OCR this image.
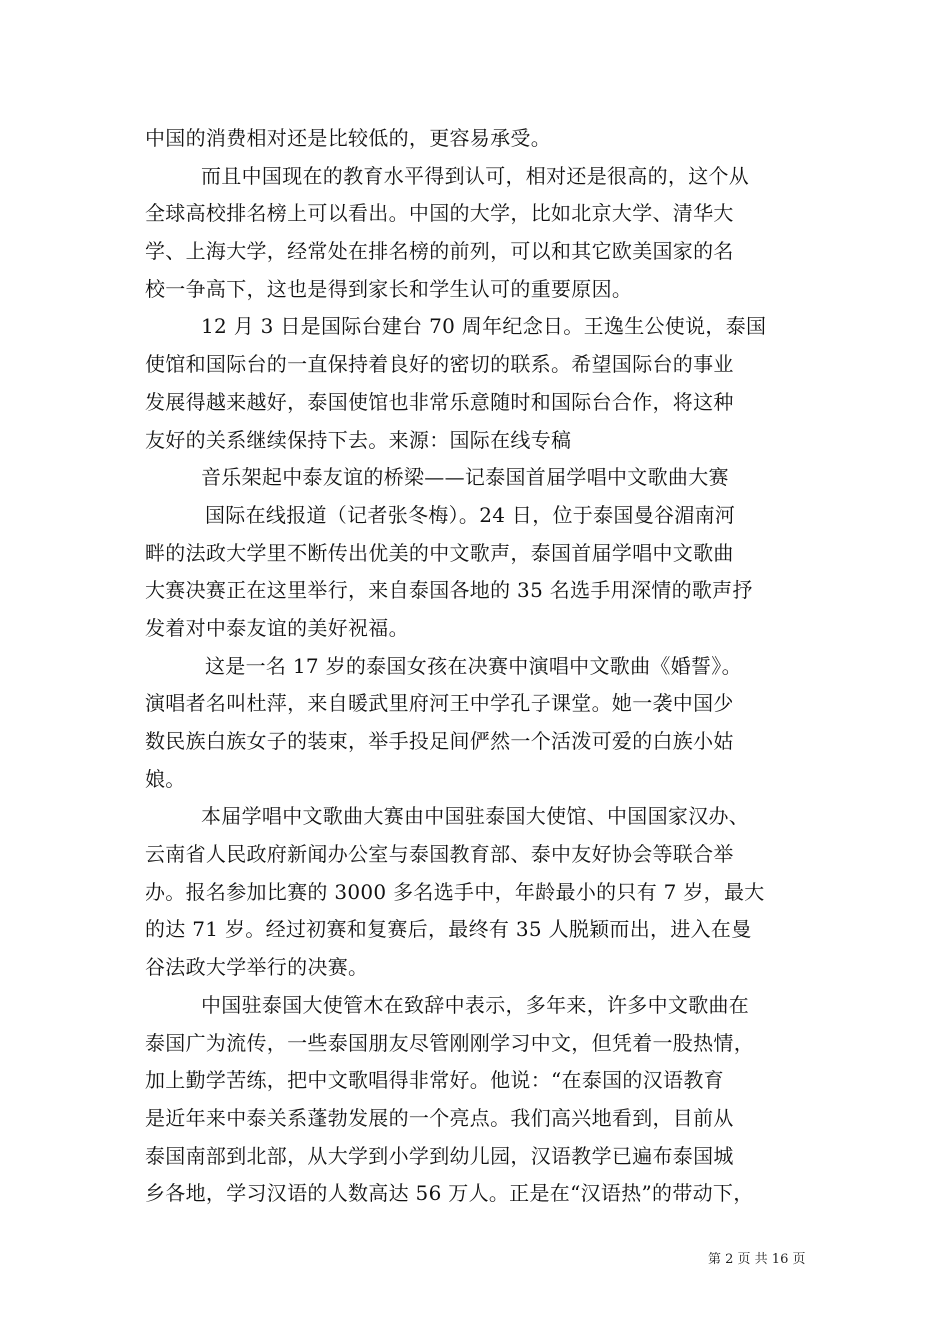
中国的消费相对还是比较低的，更容易承受。
而且中国现在的教育水平得到认可，相对还是很高的，这个从
全球高校排名榜上可以看出。中国的大学，比如北京大学、清华大
学、上海大学，经常处在排名榜的前列，可以和其它欧美国家的名
校一争高下，这也是得到家长和学生认可的重要原因。
12 月 3 日是国际台建台 70 周年纪念日。王逸生公使说，泰国
使馆和国际台的一直保持着良好的密切的联系。希望国际台的事业
发展得越来越好，泰国使馆也非常乐意随时和国际台合作，将这种
友好的关系继续保持下去。来源：国际在线专稿
音乐架起中泰友谊的桥梁——记泰国首届学唱中文歌曲大赛
国际在线报道（记者张冬梅）。24 日，位于泰国曼谷湄南河
畔的法政大学里不断传出优美的中文歌声，泰国首届学唱中文歌曲
大赛决赛正在这里举行，来自泰国各地的 35 名选手用深情的歌声抒
发着对中泰友谊的美好祝福。
这是一名 17 岁的泰国女孩在决赛中演唱中文歌曲《婚誓》。
演唱者名叫杜萍，来自暖武里府河王中学孔子课堂。她一袭中国少
数民族白族女子的装束，举手投足间俨然一个活泼可爱的白族小姑
娘。
本届学唱中文歌曲大赛由中国驻泰国大使馆、中国国家汉办、
云南省人民政府新闻办公室与泰国教育部、泰中友好协会等联合举
办。报名参加比赛的 3000 多名选手中，年龄最小的只有 7 岁，最大
的达 71 岁。经过初赛和复赛后，最终有 35 人脱颖而出，进入在曼
谷法政大学举行的决赛。
中国驻泰国大使管木在致辞中表示，多年来，许多中文歌曲在
泰国广为流传，一些泰国朋友尽管刚刚学习中文，但凭着一股热情，
加上勤学苦练，把中文歌唱得非常好。他说：“在泰国的汉语教育
是近年来中泰关系蓬勃发展的一个亮点。我们高兴地看到，目前从
泰国南部到北部，从大学到小学到幼儿园，汉语教学已遍布泰国城
乡各地，学习汉语的人数高达 56 万人。正是在“汉语热”的带动下，
第 2 页 共 16 页
